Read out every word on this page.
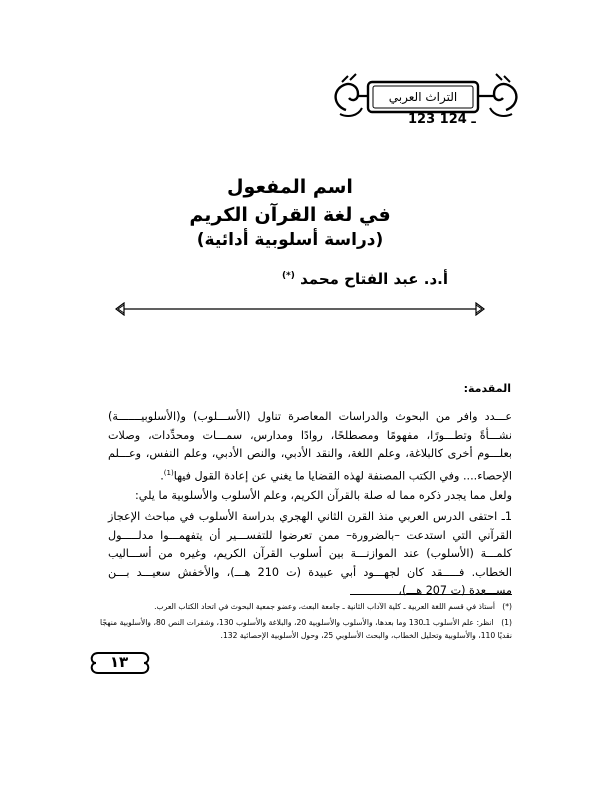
التراث العربي
123 ـ 124
اسم المفعول
في لغة القرآن الكريم
(دراسة أسلوبية أدائية)
أ.د. عبد الفتاح محمد (*)
المقدمة:
عـــدد وافر من البحوث والدراسات المعاصرة تناول (الأســـلوب) و(الأسلوبيـــــــة) نشـــأةً وتطـــورًا، مفهومًا ومصطلحًا، روادًا ومدارس، سمـــات ومحدِّدات، وصلات بعلـــوم أخرى كالبلاغة، وعلم اللغة، والنقد الأدبي، والنص الأدبي، وعلم النفس، وعـــلم الإحصاء.... وفي الكتب المصنفة لهذه القضايا ما يغني عن إعادة القول فيها$^{(1)}$.
ولعل مما يجدر ذكره مما له صلة بالقرآن الكريم، وعلم الأسلوب والأسلوبية ما يلي:
1ـ احتفى الدرس العربي منذ القرن الثاني الهجري بدراسة الأسلوب في مباحث الإعجاز القرآني التي استدعت –بالضرورة– ممن تعرضوا للتفســـير أن يتفهمـــوا مدلـــــول كلمـــة (الأسلوب) عند الموازنـــة بين أسلوب القرآن الكريم، وغيره من أســـاليب الخطاب. فـــــقد كان لجهـــود أبي عبيدة (ت 210 هـــ)، والأخفش سعيـــد بـــن مســـعدة (ت 207 هـــ)،
(*)   أستاذ في قسم اللغة العربية ـ كلية الآداب الثانية ـ جامعة البعث، وعضو جمعية البحوث في اتحاد الكتاب العرب.
(1)   انظر: علم الأسلوب 1ـ130 وما بعدها، والأسلوب والأسلوبية 20، والبلاغة والأسلوب 130، وشفرات النص 80، والأسلوبية منهجًا نقديًا 110، والأسلوبية وتحليل الخطاب، والبحث الأسلوبي 25، وحول الأسلوبية الإحصائية 132.
١٣
